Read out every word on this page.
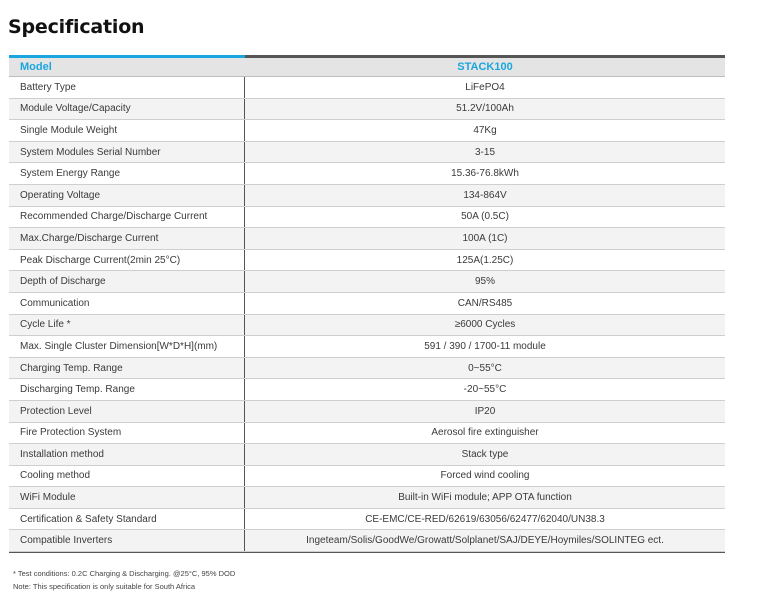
Specification
Model	STACK100
Battery Type	LiFePO4
Module Voltage/Capacity	51.2V/100Ah
Single Module Weight	47Kg
System Modules Serial Number	3-15
System Energy Range	15.36-76.8kWh
Operating Voltage	134-864V
Recommended Charge/Discharge Current	50A (0.5C)
Max.Charge/Discharge Current	100A (1C)
Peak Discharge Current(2min 25°C)	125A(1.25C)
Depth of Discharge	95%
Communication	CAN/RS485
Cycle Life *	≥6000 Cycles
Max. Single Cluster Dimension[W*D*H](mm)	591 / 390 / 1700-11 module
Charging Temp. Range	0~55°C
Discharging Temp. Range	-20~55°C
Protection Level	IP20
Fire Protection System	Aerosol fire extinguisher
Installation method	Stack type
Cooling method	Forced wind cooling
WiFi Module	Built-in WiFi module; APP OTA function
Certification & Safety Standard	CE-EMC/CE-RED/62619/63056/62477/62040/UN38.3
Compatible Inverters	Ingeteam/Solis/GoodWe/Growatt/Solplanet/SAJ/DEYE/Hoymiles/SOLINTEG ect.
* Test conditions: 0.2C Charging & Discharging. @25°C, 95% DOD
Note: This specification is only suitable for South Africa
